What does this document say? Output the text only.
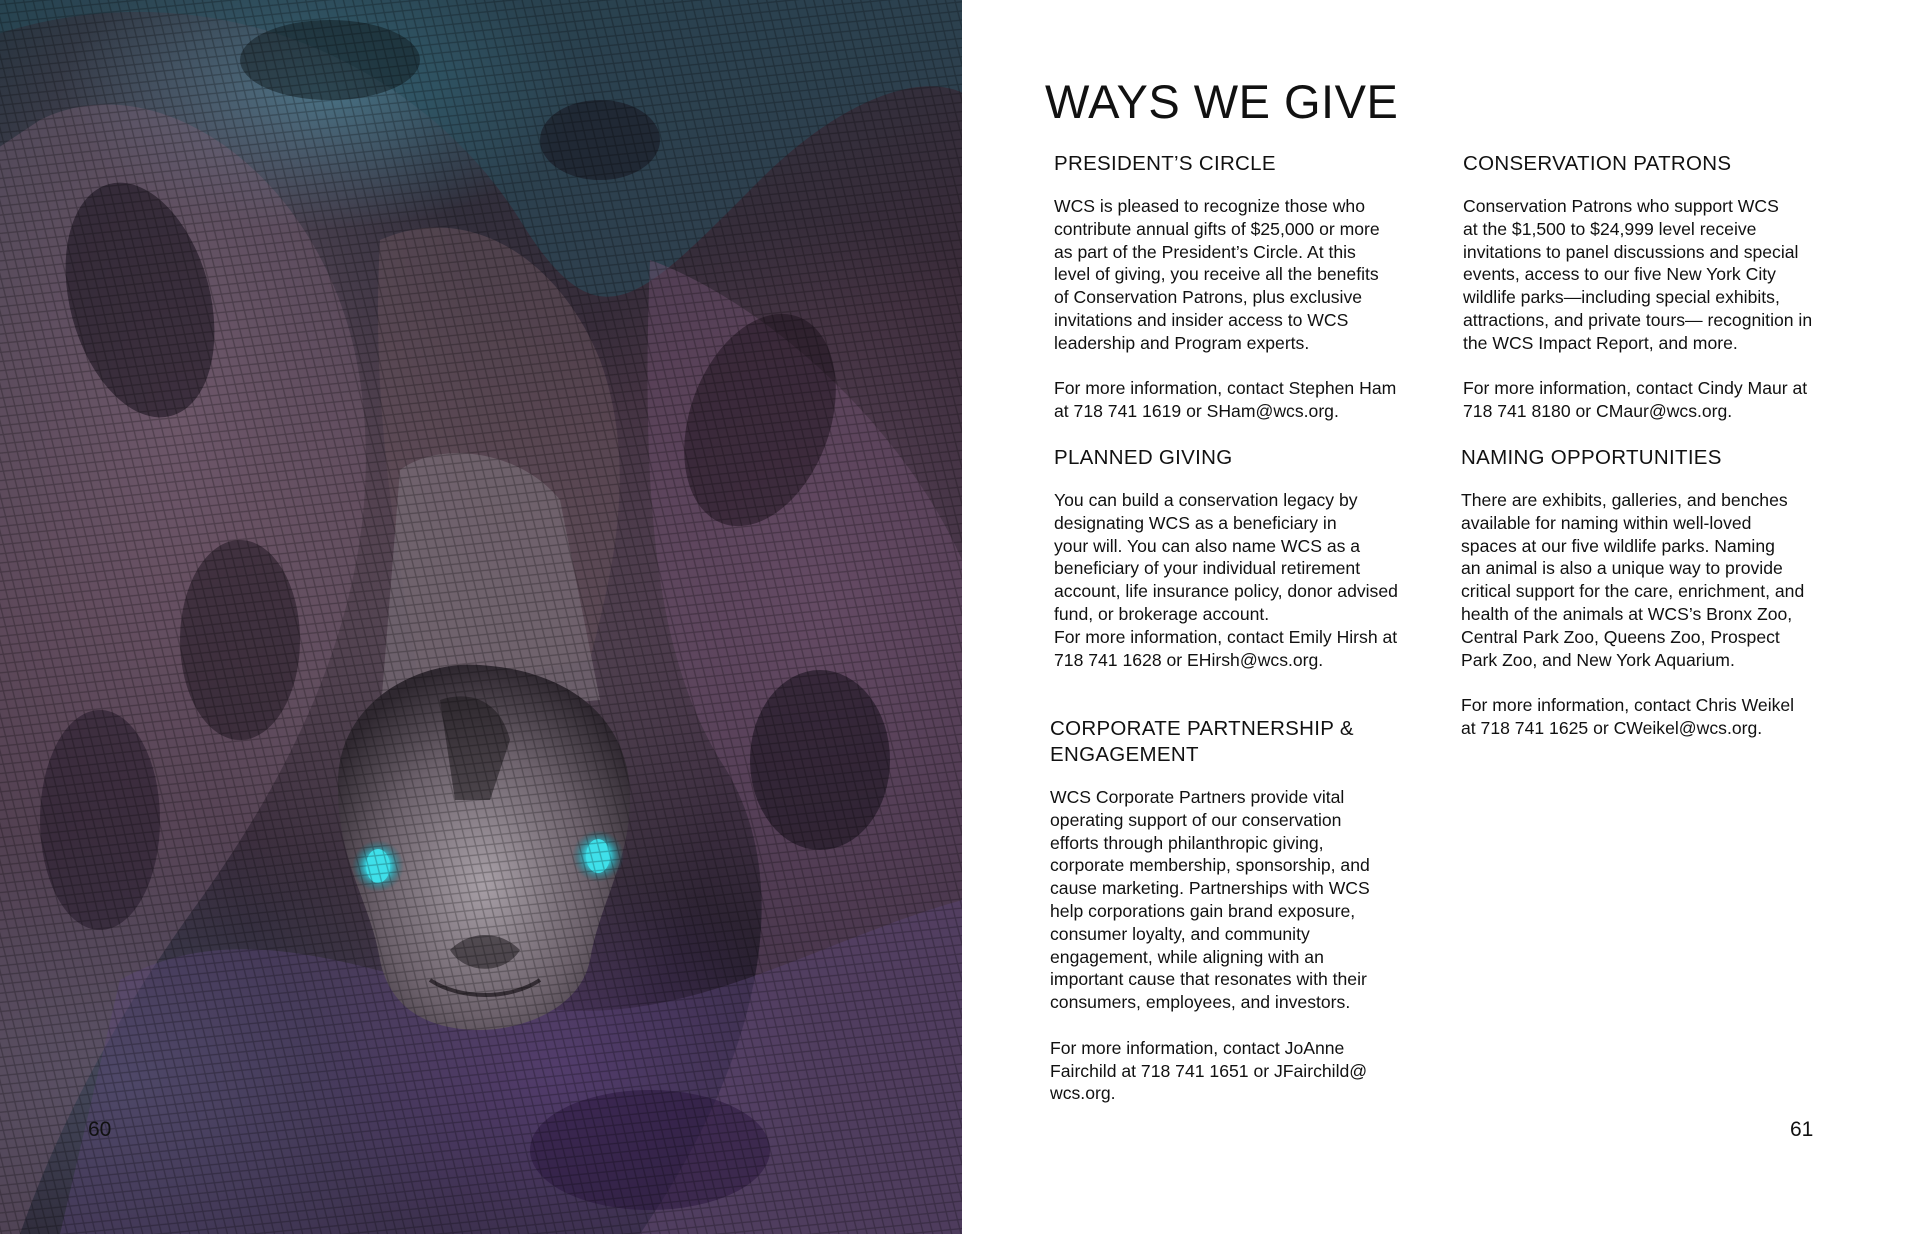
60
WAYS WE GIVE
PRESIDENT’S CIRCLE

WCS is pleased to recognize those who
contribute annual gifts of $25,000 or more
as part of the President’s Circle. At this
level of giving, you receive all the benefits
of Conservation Patrons, plus exclusive
invitations and insider access to WCS
leadership and Program experts.

For more information, contact Stephen Ham
at 718 741 1619 or SHam@wcs.org.

CONSERVATION PATRONS

Conservation Patrons who support WCS
at the $1,500 to $24,999 level receive
invitations to panel discussions and special
events, access to our five New York City
wildlife parks—including special exhibits,
attractions, and private tours— recognition in
the WCS Impact Report, and more.

For more information, contact Cindy Maur at
718 741 8180 or CMaur@wcs.org.

PLANNED GIVING

You can build a conservation legacy by
designating WCS as a beneficiary in
your will. You can also name WCS as a
beneficiary of your individual retirement
account, life insurance policy, donor advised
fund, or brokerage account.

For more information, contact Emily Hirsh at
718 741 1628 or EHirsh@wcs.org.

NAMING OPPORTUNITIES

There are exhibits, galleries, and benches
available for naming within well-loved
spaces at our five wildlife parks. Naming
an animal is also a unique way to provide
critical support for the care, enrichment, and
health of the animals at WCS’s Bronx Zoo,
Central Park Zoo, Queens Zoo, Prospect
Park Zoo, and New York Aquarium.

For more information, contact Chris Weikel
at 718 741 1625 or CWeikel@wcs.org.

CORPORATE PARTNERSHIP &
ENGAGEMENT

WCS Corporate Partners provide vital
operating support of our conservation
efforts through philanthropic giving,
corporate membership, sponsorship, and
cause marketing. Partnerships with WCS
help corporations gain brand exposure,
consumer loyalty, and community
engagement, while aligning with an
important cause that resonates with their
consumers, employees, and investors.

For more information, contact JoAnne
Fairchild at 718 741 1651 or JFairchild@
wcs.org.

61
